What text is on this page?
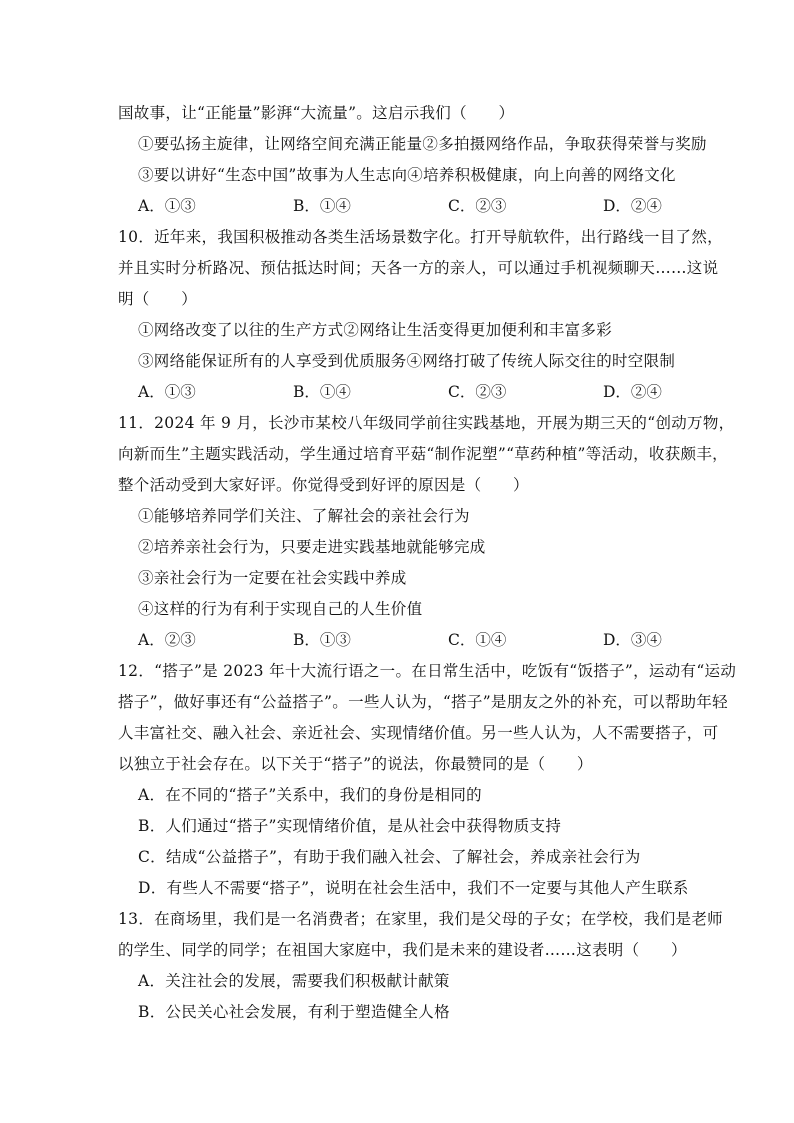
国故事，让“正能量”影湃“大流量”。这启示我们（　　）
①要弘扬主旋律，让网络空间充满正能量②多拍摄网络作品，争取获得荣誉与奖励
③要以讲好“生态中国”故事为人生志向④培养积极健康，向上向善的网络文化
A．①③	B．①④	C．②③	D．②④
10．近年来，我国积极推动各类生活场景数字化。打开导航软件，出行路线一目了然，
并且实时分析路况、预估抵达时间；天各一方的亲人，可以通过手机视频聊天……这说
明（　　）
①网络改变了以往的生产方式②网络让生活变得更加便利和丰富多彩
③网络能保证所有的人享受到优质服务④网络打破了传统人际交往的时空限制
A．①③	B．①④	C．②③	D．②④
11．2024 年 9 月，长沙市某校八年级同学前往实践基地，开展为期三天的“创动万物，
向新而生”主题实践活动，学生通过培育平菇“制作泥塑”“草药种植”等活动，收获颇丰，
整个活动受到大家好评。你觉得受到好评的原因是（　　）
①能够培养同学们关注、了解社会的亲社会行为
②培养亲社会行为，只要走进实践基地就能够完成
③亲社会行为一定要在社会实践中养成
④这样的行为有利于实现自己的人生价值
A．②③	B．①③	C．①④	D．③④
12．“搭子”是 2023 年十大流行语之一。在日常生活中，吃饭有“饭搭子”，运动有“运动
搭子”，做好事还有“公益搭子”。一些人认为，“搭子”是朋友之外的补充，可以帮助年轻
人丰富社交、融入社会、亲近社会、实现情绪价值。另一些人认为，人不需要搭子，可
以独立于社会存在。以下关于“搭子”的说法，你最赞同的是（　　）
A．在不同的“搭子”关系中，我们的身份是相同的
B．人们通过“搭子”实现情绪价值，是从社会中获得物质支持
C．结成“公益搭子”，有助于我们融入社会、了解社会，养成亲社会行为
D．有些人不需要“搭子”，说明在社会生活中，我们不一定要与其他人产生联系
13．在商场里，我们是一名消费者；在家里，我们是父母的子女；在学校，我们是老师
的学生、同学的同学；在祖国大家庭中，我们是未来的建设者……这表明（　　）
A．关注社会的发展，需要我们积极献计献策
B．公民关心社会发展，有利于塑造健全人格
